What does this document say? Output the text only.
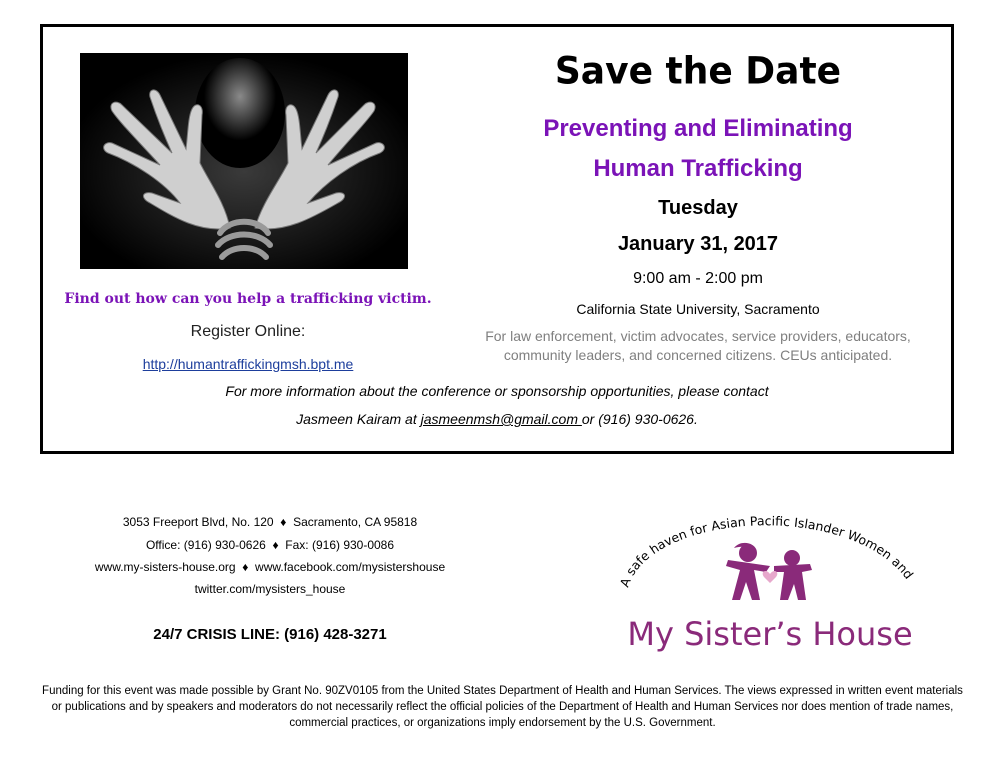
Find out how can you help a trafficking victim.
Register Online:
http://humantraffickingmsh.bpt.me
Save the Date
Preventing and Eliminating
Human Trafficking
Tuesday
January 31, 2017
9:00 am - 2:00 pm
California State University, Sacramento
For law enforcement, victim advocates, service providers, educators, community leaders, and concerned citizens. CEUs anticipated.
For more information about the conference or sponsorship opportunities, please contact
Jasmeen Kairam at jasmeenmsh@gmail.com or (916) 930-0626.
3053 Freeport Blvd, No. 120 ♦ Sacramento, CA 95818
Office: (916) 930-0626 ♦ Fax: (916) 930-0086
www.my-sisters-house.org ♦ www.facebook.com/mysistershouse
twitter.com/mysisters_house
24/7 CRISIS LINE: (916) 428-3271
A safe haven for Asian Pacific Islander Women and
My Sister’s House
Funding for this event was made possible by Grant No. 90ZV0105 from the United States Department of Health and Human Services. The views expressed in written event materials or publications and by speakers and moderators do not necessarily reflect the official policies of the Department of Health and Human Services nor does mention of trade names, commercial practices, or organizations imply endorsement by the U.S. Government.
